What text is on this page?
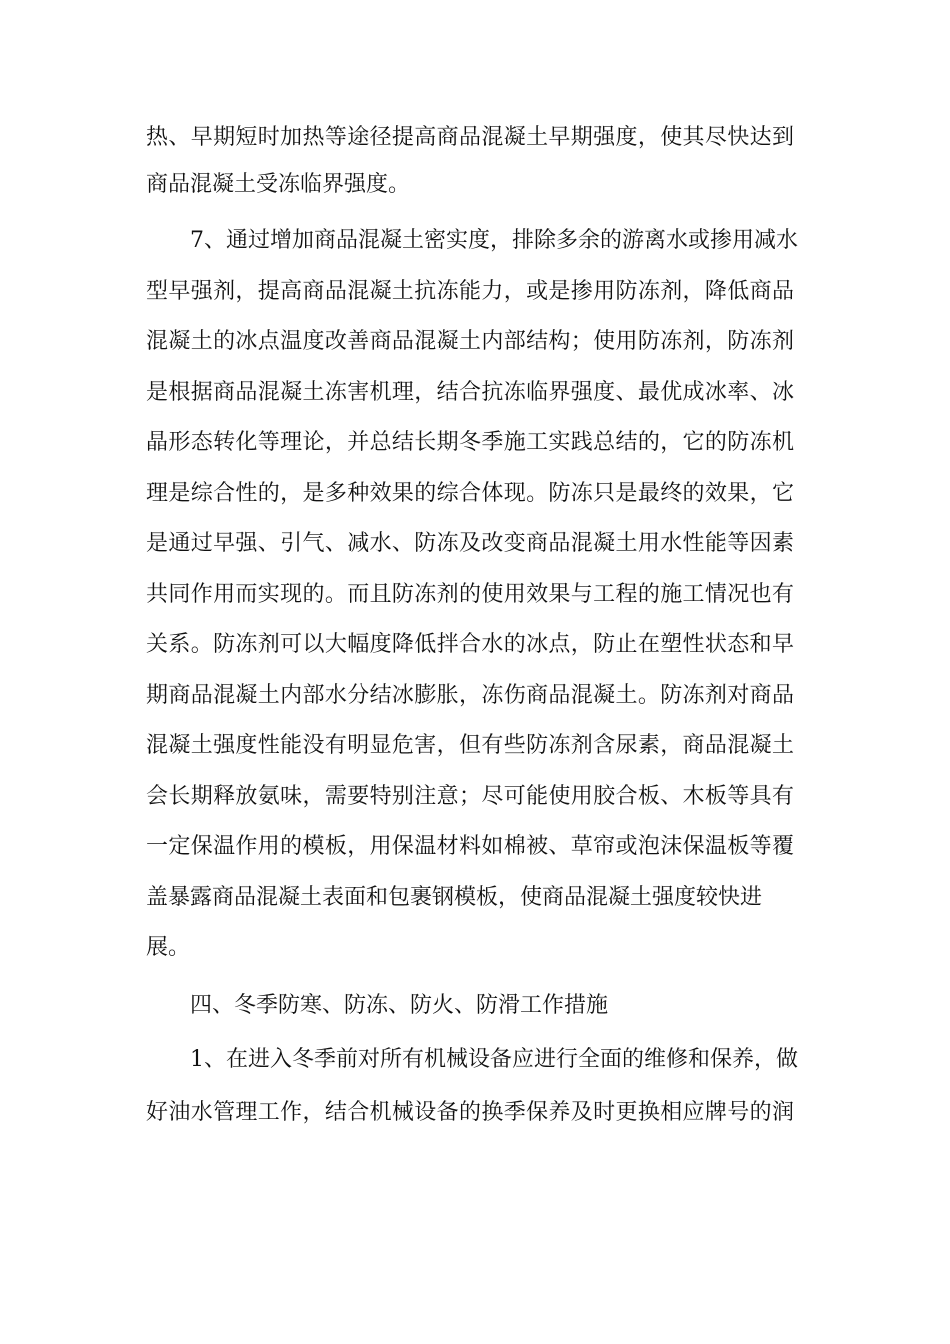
热、早期短时加热等途径提高商品混凝土早期强度，使其尽快达到
商品混凝土受冻临界强度。
7、通过增加商品混凝土密实度，排除多余的游离水或掺用减水
型早强剂，提高商品混凝土抗冻能力，或是掺用防冻剂，降低商品
混凝土的冰点温度改善商品混凝土内部结构；使用防冻剂，防冻剂
是根据商品混凝土冻害机理，结合抗冻临界强度、最优成冰率、冰
晶形态转化等理论，并总结长期冬季施工实践总结的，它的防冻机
理是综合性的，是多种效果的综合体现。防冻只是最终的效果，它
是通过早强、引气、减水、防冻及改变商品混凝土用水性能等因素
共同作用而实现的。而且防冻剂的使用效果与工程的施工情况也有
关系。防冻剂可以大幅度降低拌合水的冰点，防止在塑性状态和早
期商品混凝土内部水分结冰膨胀，冻伤商品混凝土。防冻剂对商品
混凝土强度性能没有明显危害，但有些防冻剂含尿素，商品混凝土
会长期释放氨味，需要特别注意；尽可能使用胶合板、木板等具有
一定保温作用的模板，用保温材料如棉被、草帘或泡沫保温板等覆
盖暴露商品混凝土表面和包裹钢模板，使商品混凝土强度较快进
展。
四、冬季防寒、防冻、防火、防滑工作措施
1、在进入冬季前对所有机械设备应进行全面的维修和保养，做
好油水管理工作，结合机械设备的换季保养及时更换相应牌号的润
